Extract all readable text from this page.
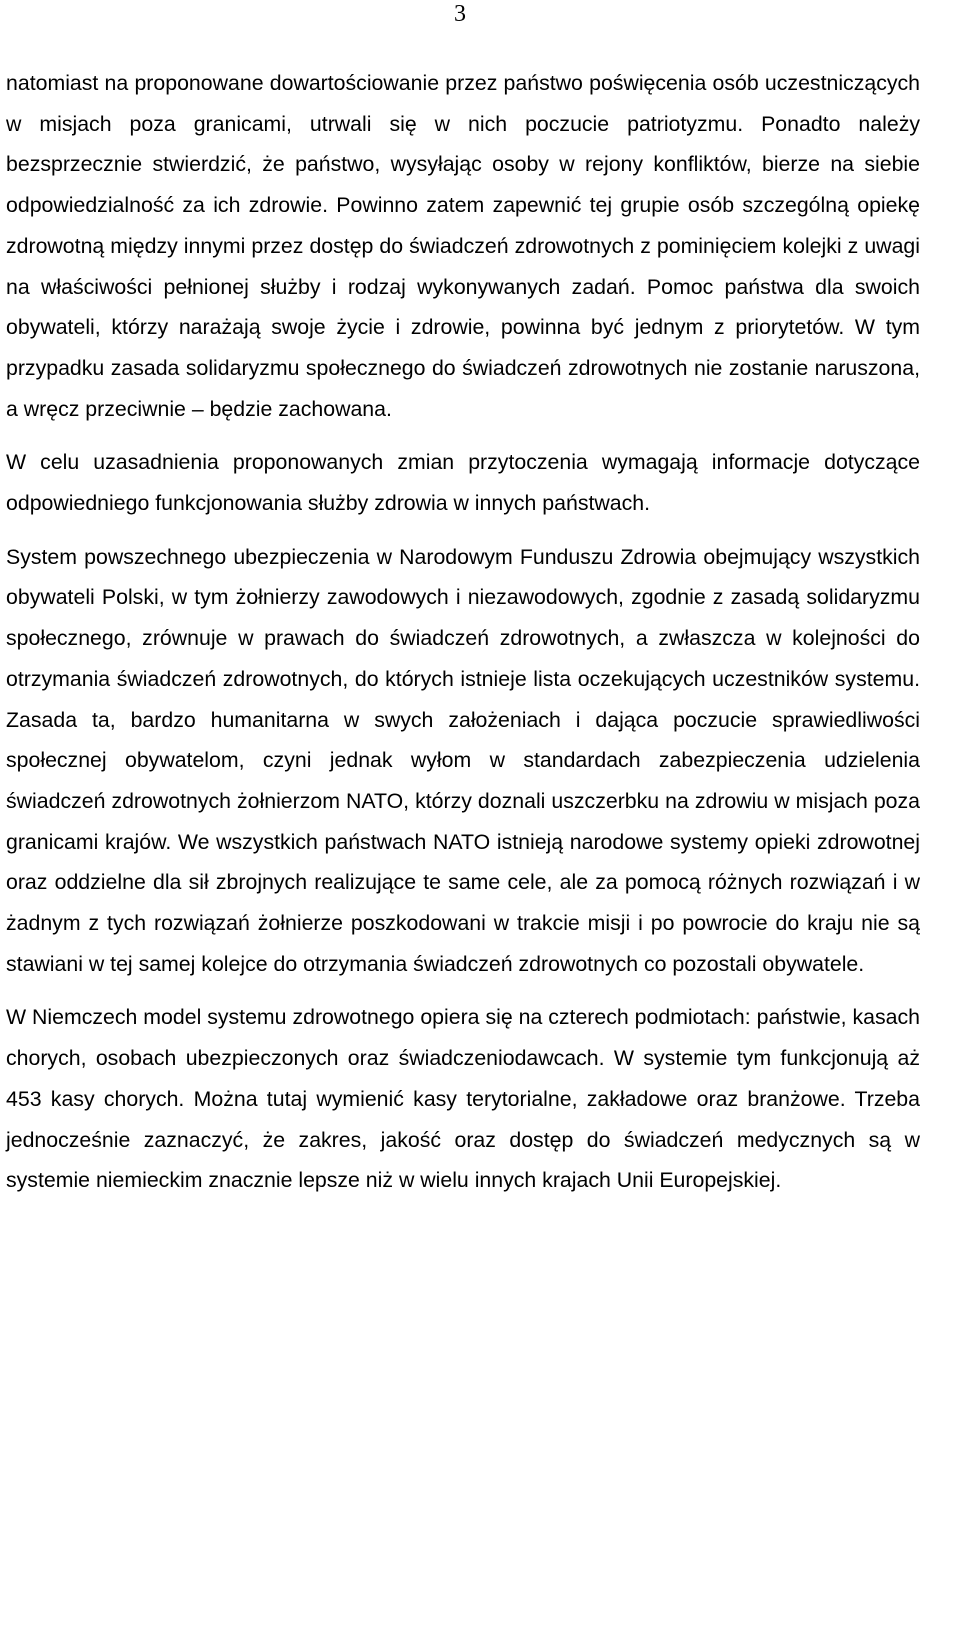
3

natomiast na proponowane dowartościowanie przez państwo poświęcenia osób uczestniczących w misjach poza granicami, utrwali się w nich poczucie patriotyzmu. Ponadto należy bezsprzecznie stwierdzić, że państwo, wysyłając osoby w rejony konfliktów, bierze na siebie odpowiedzialność za ich zdrowie. Powinno zatem zapewnić tej grupie osób szczególną opiekę zdrowotną między innymi przez dostęp do świadczeń zdrowotnych z pominięciem kolejki z uwagi na właściwości pełnionej służby i rodzaj wykonywanych zadań. Pomoc państwa dla swoich obywateli, którzy narażają swoje życie i zdrowie, powinna być jednym z priorytetów. W tym przypadku zasada solidaryzmu społecznego do świadczeń zdrowotnych nie zostanie naruszona, a wręcz przeciwnie – będzie zachowana.

W celu uzasadnienia proponowanych zmian przytoczenia wymagają informacje dotyczące odpowiedniego funkcjonowania służby zdrowia w innych państwach.

System powszechnego ubezpieczenia w Narodowym Funduszu Zdrowia obejmujący wszystkich obywateli Polski, w tym żołnierzy zawodowych i niezawodowych, zgodnie z zasadą solidaryzmu społecznego, zrównuje w prawach do świadczeń zdrowotnych, a zwłaszcza w kolejności do otrzymania świadczeń zdrowotnych, do których istnieje lista oczekujących uczestników systemu. Zasada ta, bardzo humanitarna w swych założeniach i dająca poczucie sprawiedliwości społecznej obywatelom, czyni jednak wyłom w standardach zabezpieczenia udzielenia świadczeń zdrowotnych żołnierzom NATO, którzy doznali uszczerbku na zdrowiu w misjach poza granicami krajów. We wszystkich państwach NATO istnieją narodowe systemy opieki zdrowotnej oraz oddzielne dla sił zbrojnych realizujące te same cele, ale za pomocą różnych rozwiązań i w żadnym z tych rozwiązań żołnierze poszkodowani w trakcie misji i po powrocie do kraju nie są stawiani w tej samej kolejce do otrzymania świadczeń zdrowotnych co pozostali obywatele.

W Niemczech model systemu zdrowotnego opiera się na czterech podmiotach: państwie, kasach chorych, osobach ubezpieczonych oraz świadczeniodawcach. W systemie tym funkcjonują aż 453 kasy chorych. Można tutaj wymienić kasy terytorialne, zakładowe oraz branżowe. Trzeba jednocześnie zaznaczyć, że zakres, jakość oraz dostęp do świadczeń medycznych są w systemie niemieckim znacznie lepsze niż w wielu innych krajach Unii Europejskiej.
